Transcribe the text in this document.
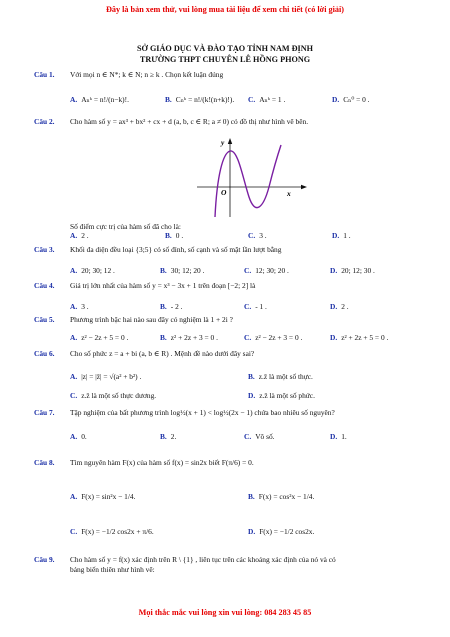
Đây là bản xem thử, vui lòng mua tài liệu để xem chi tiết (có lời giải)
SỞ GIÁO DỤC VÀ ĐÀO TẠO TỈNH NAM ĐỊNH
TRƯỜNG THPT CHUYÊN LÊ HỒNG PHONG
Câu 1. Với mọi n ∈ N*; k ∈ N; n ≥ k . Chọn kết luận đúng
A. Aₙᵏ = n!/(n−k)!.	B. Cₙᵏ = n!/(k!(n+k)!). C. Aₙᵏ = 1 .	D. Cₙ⁰ = 0 .
Câu 2. Cho hàm số y = ax³ + bx² + cx + d (a, b, c ∈ R; a ≠ 0) có đồ thị như hình vẽ bên.
y
x
O
Số điểm cực trị của hàm số đã cho là:
A. 2 .	B. 0 .	C. 3 .	D. 1 .
Câu 3. Khối đa diện đều loại {3;5} có số đỉnh, số cạnh và số mặt lần lượt bằng
A. 20; 30; 12 .	B. 30; 12; 20 .	C. 12; 30; 20 .	D. 20; 12; 30 .
Câu 4. Giá trị lớn nhất của hàm số y = x³ − 3x + 1 trên đoạn [−2; 2] là
A. 3 .	B. - 2 .	C. - 1 .	D. 2 .
Câu 5. Phương trình bậc hai nào sau đây có nghiệm là 1 + 2i ?
A. z² − 2z + 5 = 0 .	B. z² + 2z + 3 = 0 .	C. z² − 2z + 3 = 0 .	D. z² + 2z + 5 = 0 .
Câu 6. Cho số phức z = a + bi (a, b ∈ R) . Mệnh đề nào dưới đây sai?
A. |z| = |z̄| = √(a² + b²) .	B. z.z̄ là một số thực.
C. z.z̄ là một số thực dương.	D. z.z̄ là một số phức.
Câu 7. Tập nghiệm của bất phương trình log½(x + 1) < log½(2x − 1) chứa bao nhiêu số nguyên?
A. 0.	B. 2.	C. Vô số.	D. 1.
Câu 8. Tìm nguyên hàm F(x) của hàm số f(x) = sin2x biết F(π/6) = 0.
A. F(x) = sin²x − 1/4.	B. F(x) = cos²x − 1/4.
C. F(x) = −1/2 cos2x + π/6.	D. F(x) = −1/2 cos2x.
Câu 9. Cho hàm số y = f(x) xác định trên R \ {1} , liên tục trên các khoảng xác định của nó và có
bảng biến thiên như hình vẽ:
Mọi thắc mắc vui lòng xin vui lòng: 084 283 45 85
